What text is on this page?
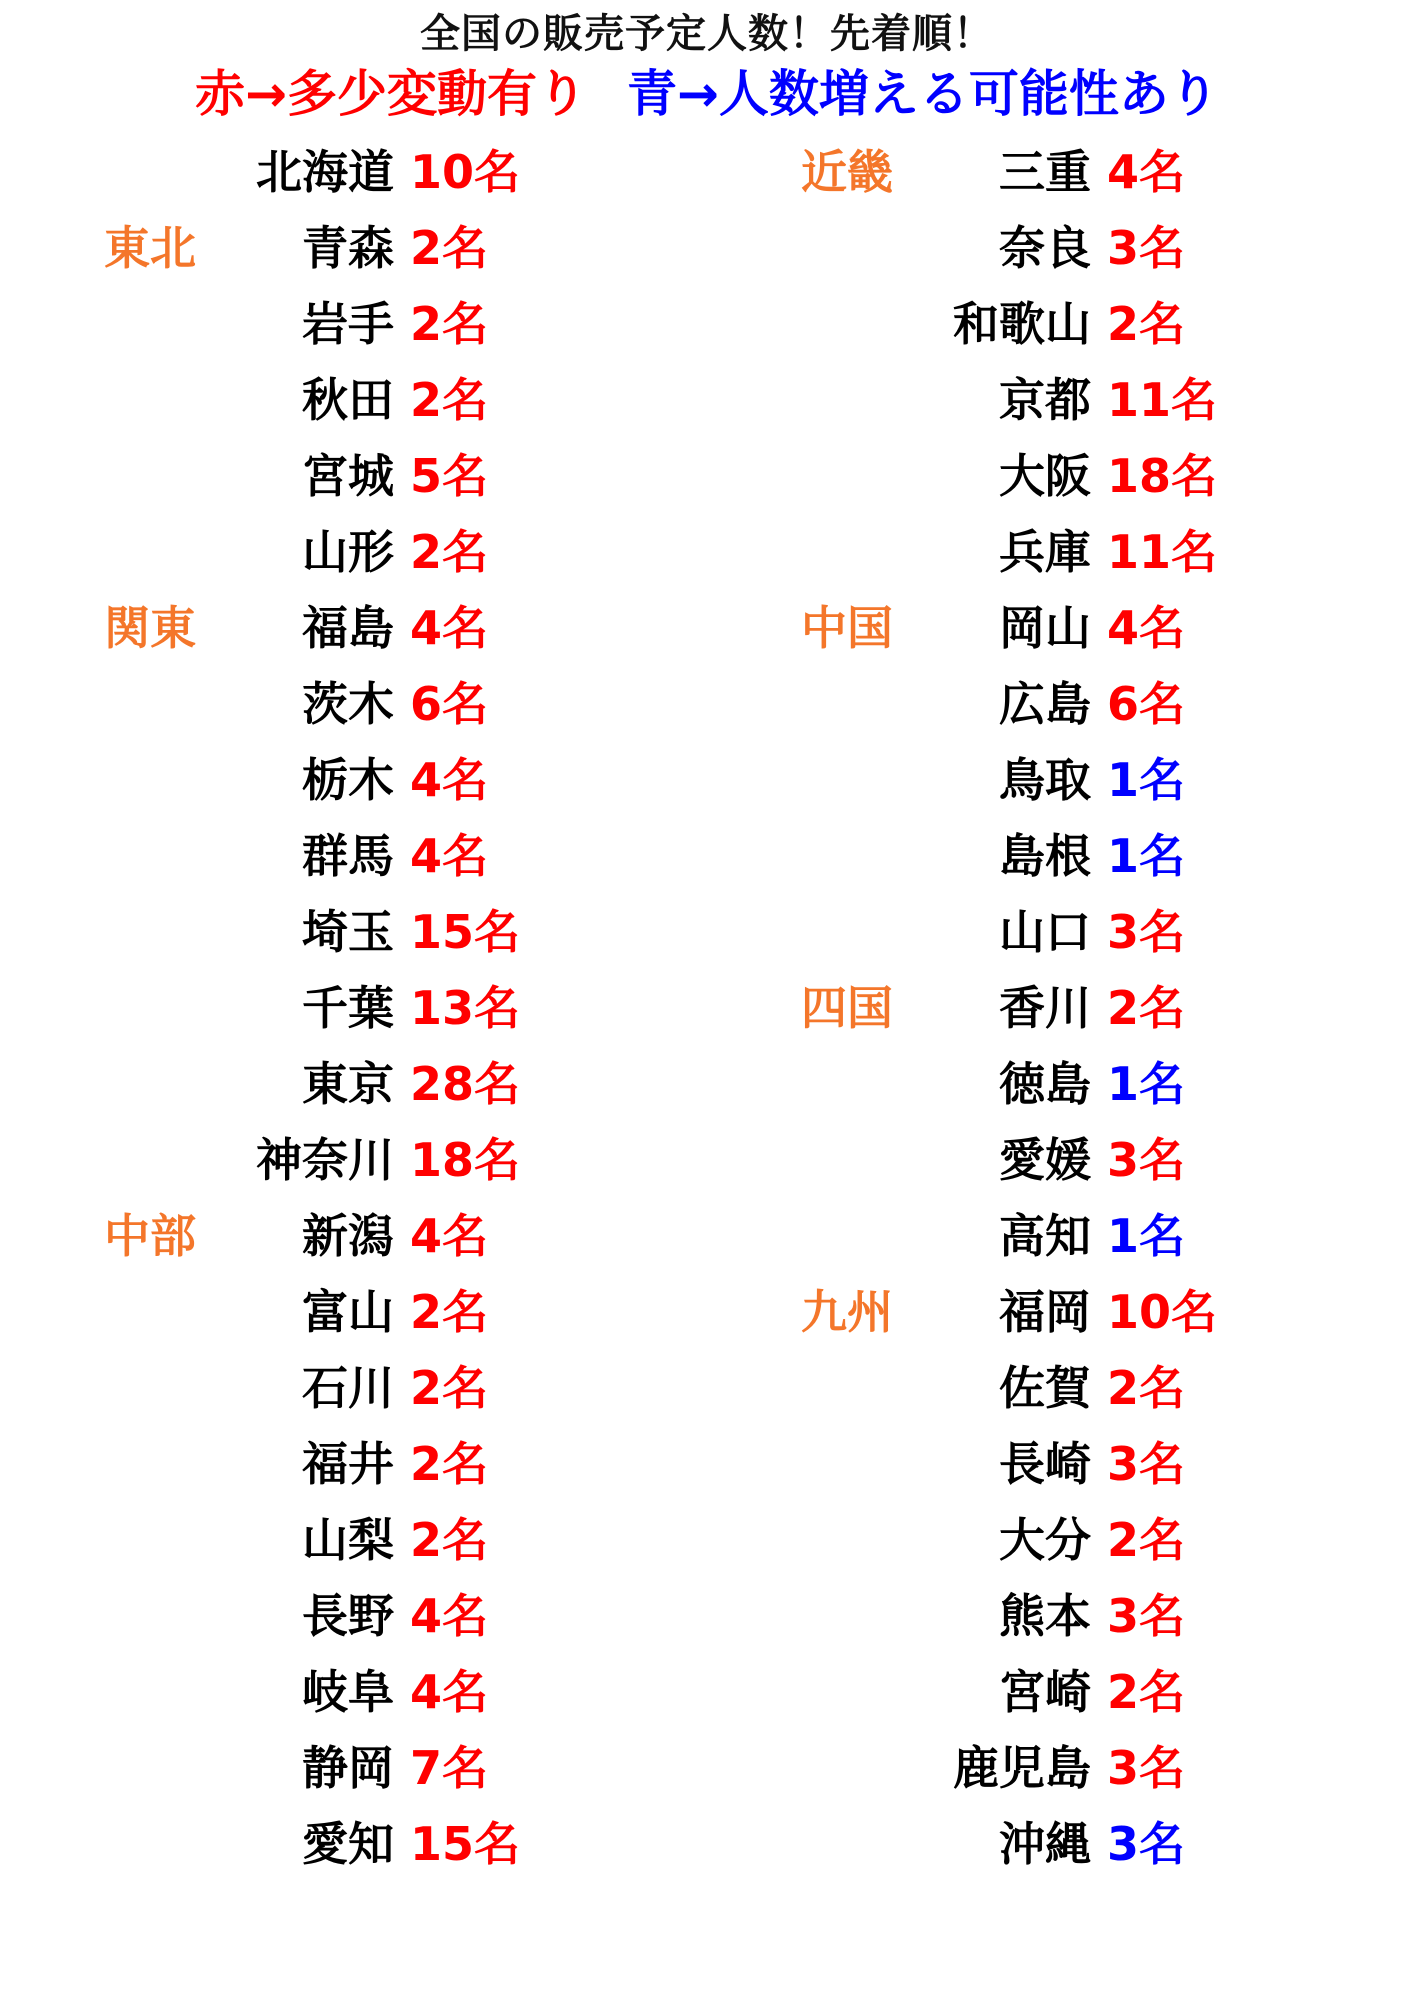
全国の販売予定人数！先着順！
赤→多少変動有り 青→人数増える可能性あり
北海道 10名
東北	青森 2名
岩手 2名
秋田 2名
宮城 5名
山形 2名
関東	福島 4名
茨木 6名
栃木 4名
群馬 4名
埼玉 15名
千葉 13名
東京 28名
神奈川 18名
中部	新潟 4名
富山 2名
石川 2名
福井 2名
山梨 2名
長野 4名
岐阜 4名
静岡 7名
愛知 15名
近畿	三重 4名
奈良 3名
和歌山 2名
京都 11名
大阪 18名
兵庫 11名
中国	岡山 4名
広島 6名
鳥取 1名
島根 1名
山口 3名
四国	香川 2名
徳島 1名
愛媛 3名
高知 1名
九州	福岡 10名
佐賀 2名
長崎 3名
大分 2名
熊本 3名
宮崎 2名
鹿児島 3名
沖縄 3名
